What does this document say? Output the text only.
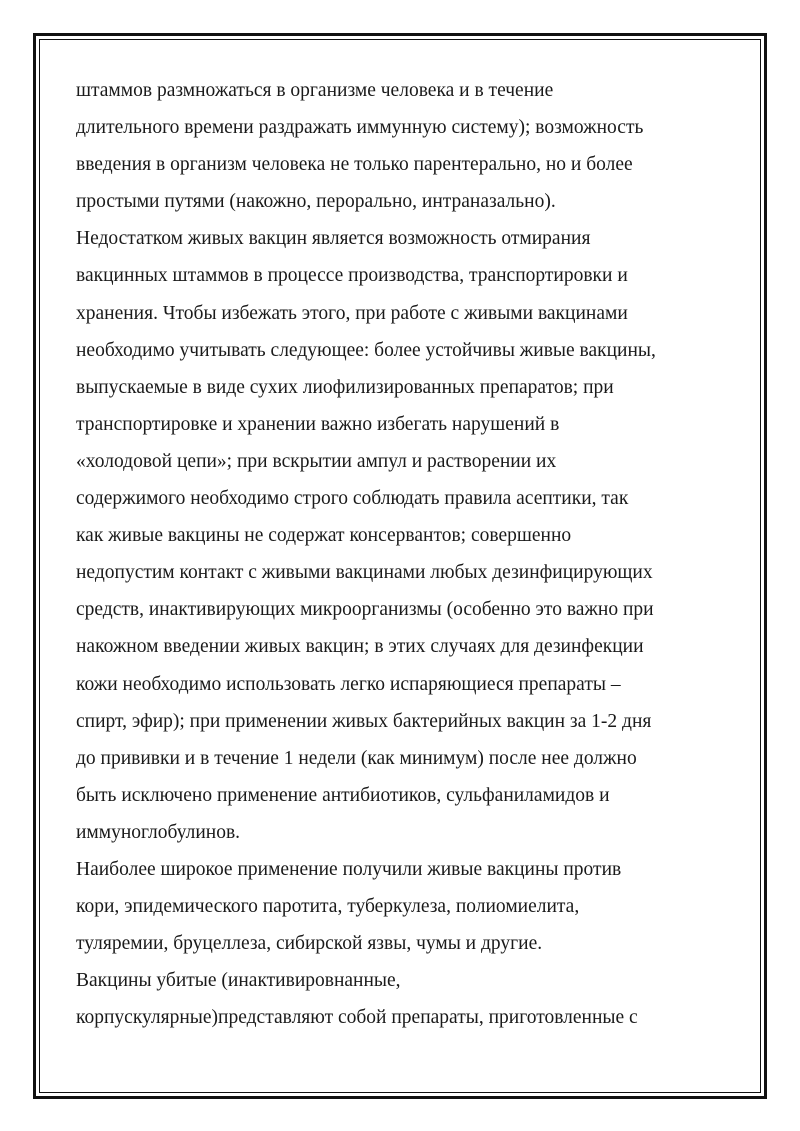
штаммов размножаться в организме человека и в течение
длительного времени раздражать иммунную систему); возможность
введения в организм человека не только парентерально, но и более
простыми путями (накожно, перорально, интраназально).
Недостатком живых вакцин является возможность отмирания
вакцинных штаммов в процессе производства, транспортировки и
хранения. Чтобы избежать этого, при работе с живыми вакцинами
необходимо учитывать следующее: более устойчивы живые вакцины,
выпускаемые в виде сухих лиофилизированных препаратов; при
транспортировке и хранении важно избегать нарушений в
«холодовой цепи»; при вскрытии ампул и растворении их
содержимого необходимо строго соблюдать правила асептики, так
как живые вакцины не содержат консервантов; совершенно
недопустим контакт с живыми вакцинами любых дезинфицирующих
средств, инактивирующих микроорганизмы (особенно это важно при
накожном введении живых вакцин; в этих случаях для дезинфекции
кожи необходимо использовать легко испаряющиеся препараты –
спирт, эфир); при применении живых бактерийных вакцин за 1-2 дня
до прививки и в течение 1 недели (как минимум) после нее должно
быть исключено применение антибиотиков, сульфаниламидов и
иммуноглобулинов.
Наиболее широкое применение получили живые вакцины против
кори, эпидемического паротита, туберкулеза, полиомиелита,
туляремии, бруцеллеза, сибирской язвы, чумы и другие.
Вакцины убитые (инактивировнанные,
корпускулярные)представляют собой препараты, приготовленные с
